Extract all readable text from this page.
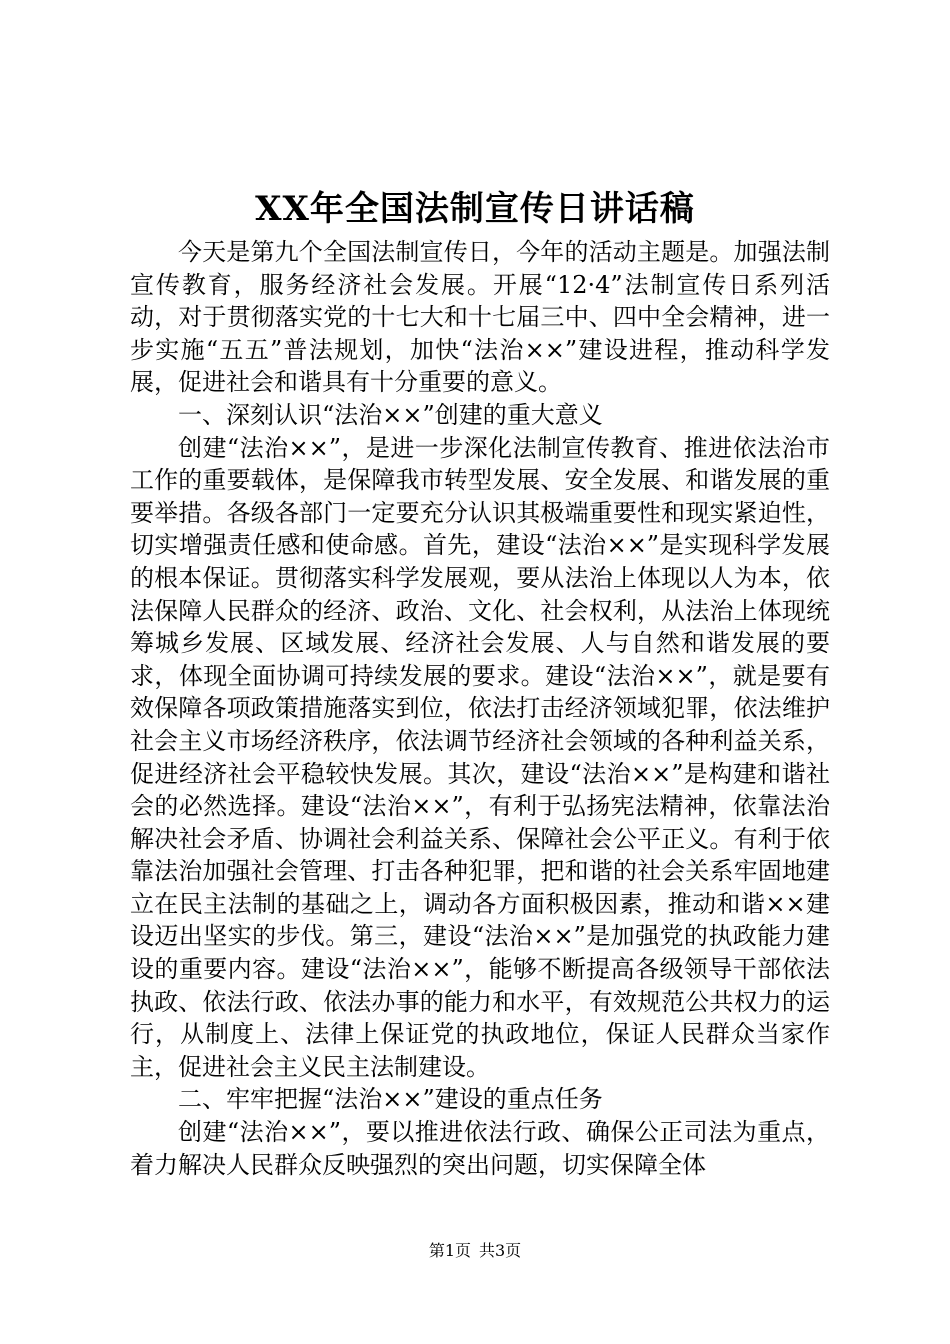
XX年全国法制宣传日讲话稿

今天是第九个全国法制宣传日，今年的活动主题是。加强法制宣传教育，服务经济社会发展。开展“12·4”法制宣传日系列活动，对于贯彻落实党的十七大和十七届三中、四中全会精神，进一步实施“五五”普法规划，加快“法治××”建设进程，推动科学发展，促进社会和谐具有十分重要的意义。

一、深刻认识“法治××”创建的重大意义

创建“法治××”，是进一步深化法制宣传教育、推进依法治市工作的重要载体，是保障我市转型发展、安全发展、和谐发展的重要举措。各级各部门一定要充分认识其极端重要性和现实紧迫性，切实增强责任感和使命感。首先，建设“法治××”是实现科学发展的根本保证。贯彻落实科学发展观，要从法治上体现以人为本，依法保障人民群众的经济、政治、文化、社会权利，从法治上体现统筹城乡发展、区域发展、经济社会发展、人与自然和谐发展的要求，体现全面协调可持续发展的要求。建设“法治××”，就是要有效保障各项政策措施落实到位，依法打击经济领域犯罪，依法维护社会主义市场经济秩序，依法调节经济社会领域的各种利益关系，促进经济社会平稳较快发展。其次，建设“法治××”是构建和谐社会的必然选择。建设“法治××”，有利于弘扬宪法精神，依靠法治解决社会矛盾、协调社会利益关系、保障社会公平正义。有利于依靠法治加强社会管理、打击各种犯罪，把和谐的社会关系牢固地建立在民主法制的基础之上，调动各方面积极因素，推动和谐××建设迈出坚实的步伐。第三，建设“法治××”是加强党的执政能力建设的重要内容。建设“法治××”，能够不断提高各级领导干部依法执政、依法行政、依法办事的能力和水平，有效规范公共权力的运行，从制度上、法律上保证党的执政地位，保证人民群众当家作主，促进社会主义民主法制建设。

二、牢牢把握“法治××”建设的重点任务

创建“法治××”，要以推进依法行政、确保公正司法为重点，着力解决人民群众反映强烈的突出问题，切实保障全体

第1页 共3页
